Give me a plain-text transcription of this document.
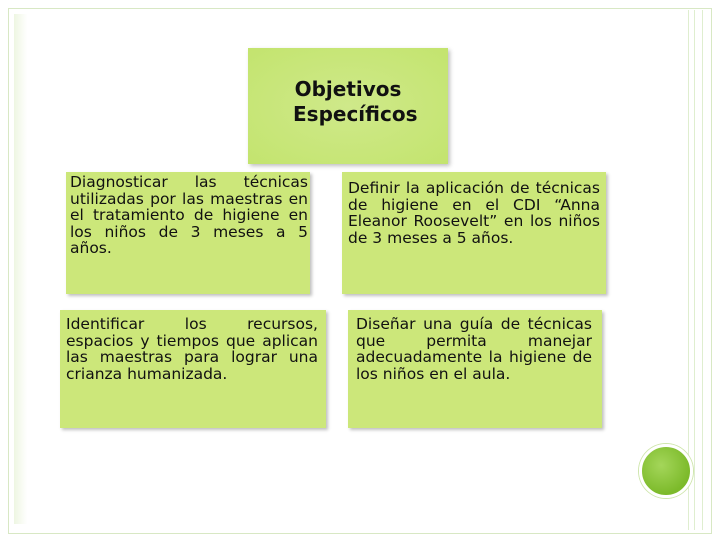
Objetivos Específicos

Diagnosticar las técnicas utilizadas por las maestras en el tratamiento de higiene en los niños de 3 meses a 5 años.

Definir la aplicación de técnicas de higiene en el CDI “Anna Eleanor Roosevelt” en los niños de 3 meses a 5 años.

Identificar los recursos, espacios y tiempos que aplican las maestras para lograr una crianza humanizada.

Diseñar una guía de técnicas que permita manejar adecuadamente la higiene de los niños en el aula.
